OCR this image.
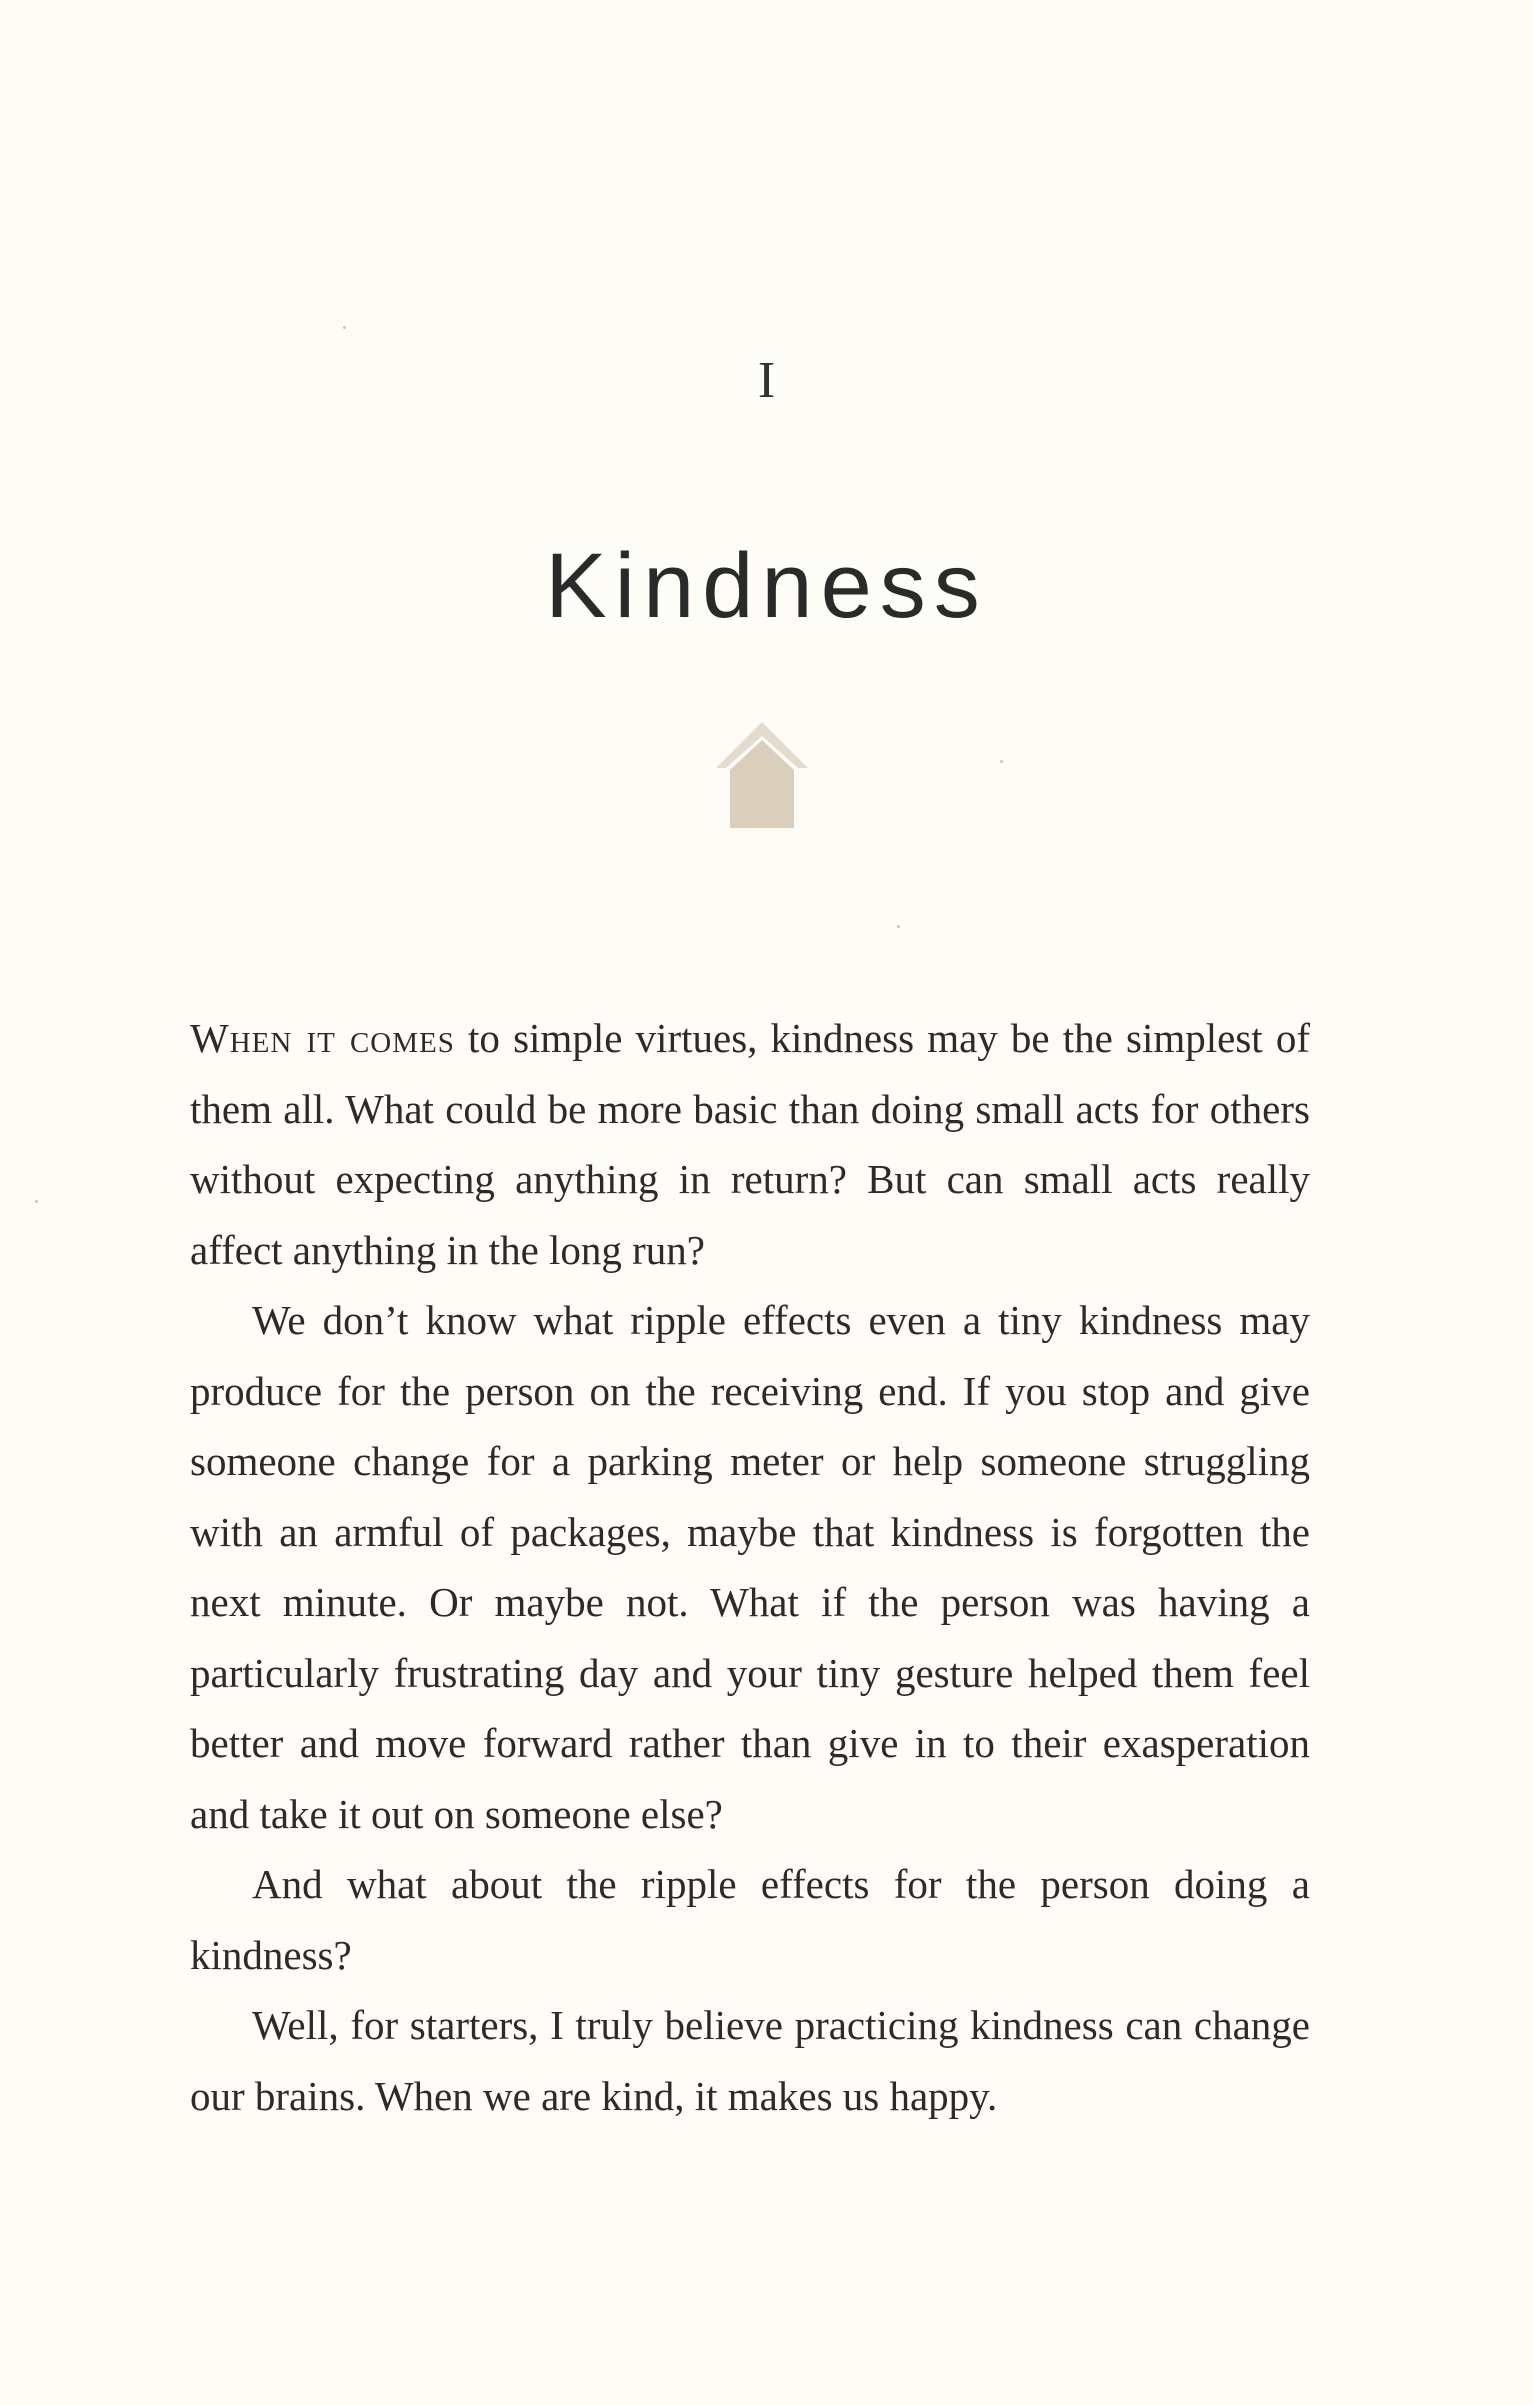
I
Kindness

When it comes to simple virtues, kindness may be the simplest of them all. What could be more basic than doing small acts for others without expecting anything in return? But can small acts really affect anything in the long run?

We don’t know what ripple effects even a tiny kindness may produce for the person on the receiving end. If you stop and give someone change for a parking meter or help someone struggling with an armful of packages, maybe that kindness is forgotten the next minute. Or maybe not. What if the person was having a particularly frustrating day and your tiny gesture helped them feel better and move forward rather than give in to their exasperation and take it out on someone else?

And what about the ripple effects for the person doing a kindness?

Well, for starters, I truly believe practicing kindness can change our brains. When we are kind, it makes us happy.
